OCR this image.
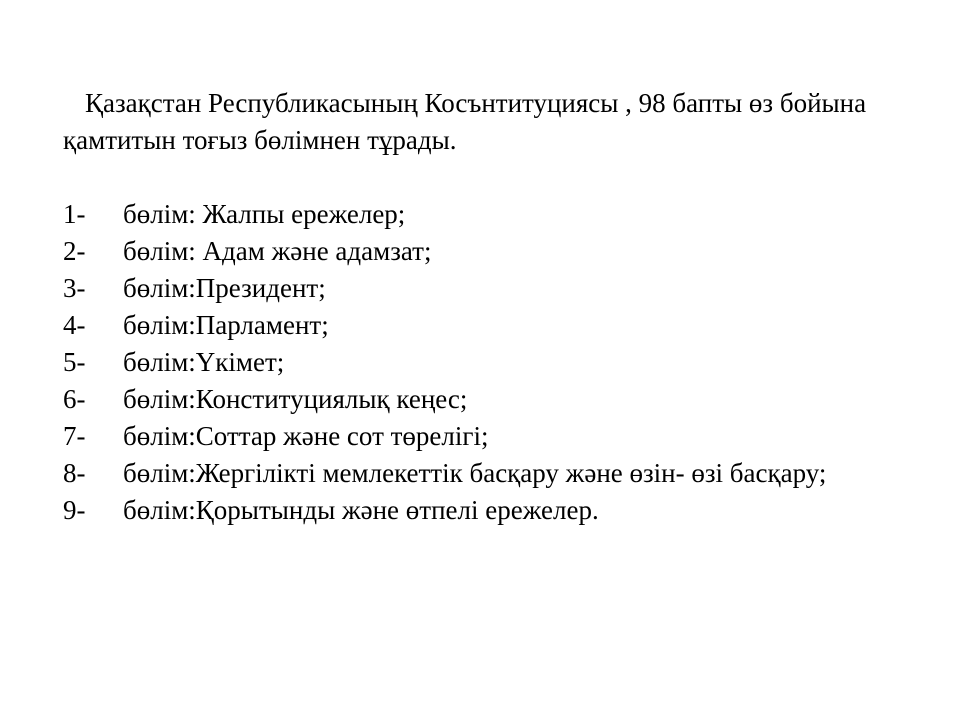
Қазақстан Республикасының Косънтитуциясы , 98 бапты өз бойына қамтитын тоғыз бөлімнен тұрады.

1- бөлім: Жалпы ережелер;

2- бөлім: Адам және адамзат;

3- бөлім:Президент;

4- бөлім:Парламент;

5- бөлім:Үкімет;

6- бөлім:Конституциялық кеңес;

7- бөлім:Соттар және сот төрелігі;

8- бөлім:Жергілікті мемлекеттік басқару және өзін- өзі басқару;

9- бөлім:Қорытынды және өтпелі ережелер.
